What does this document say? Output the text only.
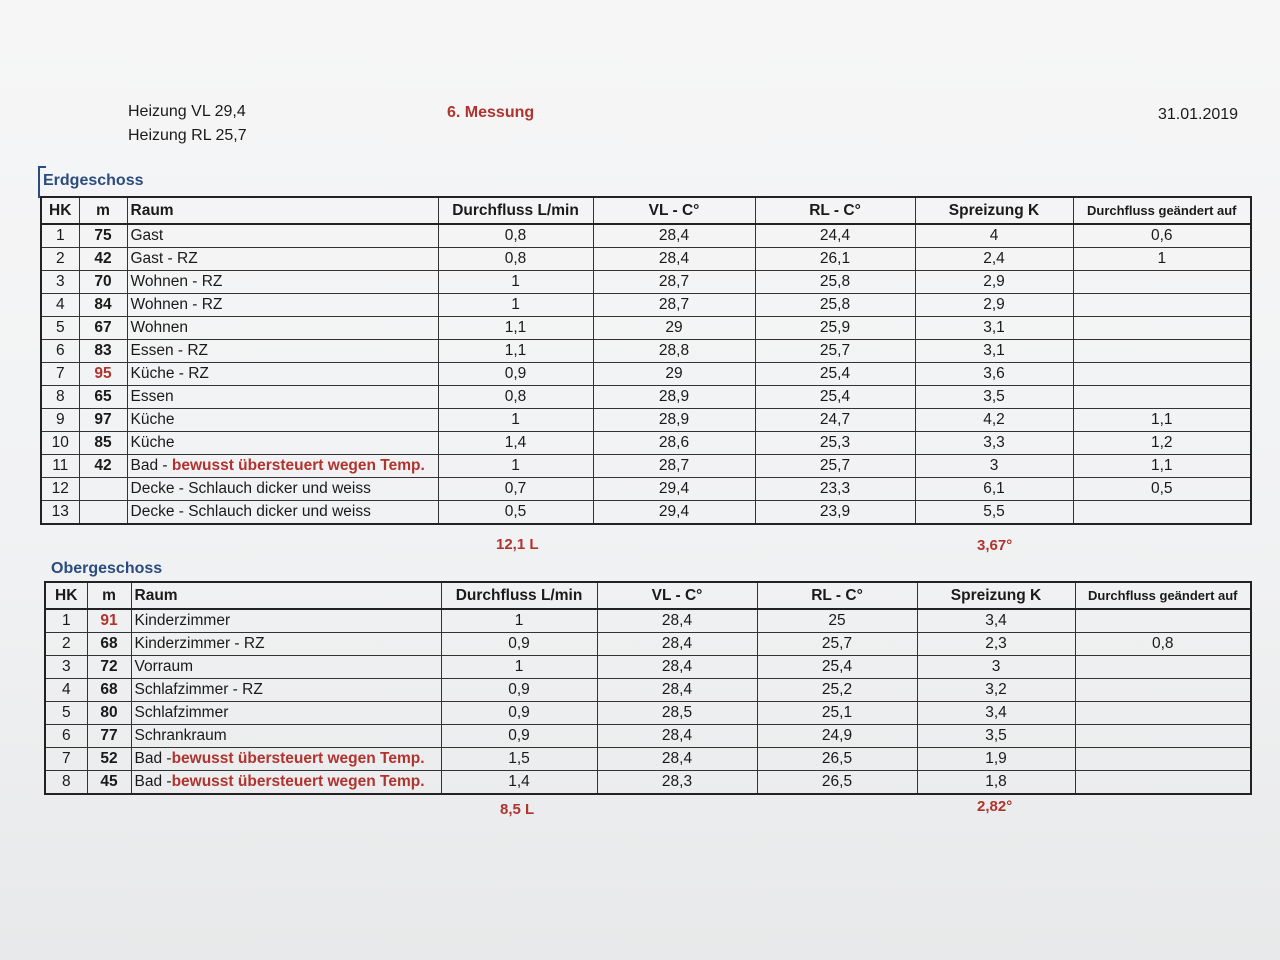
Heizung VL 29,4
Heizung RL 25,7
6. Messung	31.01.2019
Erdgeschoss
HK	m	Raum	Durchfluss L/min	VL - C°	RL - C°	Spreizung K	Durchfluss geändert auf
1	75	Gast	0,8	28,4	24,4	4	0,6
2	42	Gast - RZ	0,8	28,4	26,1	2,4	1
3	70	Wohnen - RZ	1	28,7	25,8	2,9	
4	84	Wohnen - RZ	1	28,7	25,8	2,9	
5	67	Wohnen	1,1	29	25,9	3,1	
6	83	Essen - RZ	1,1	28,8	25,7	3,1	
7	95	Küche - RZ	0,9	29	25,4	3,6	
8	65	Essen	0,8	28,9	25,4	3,5	
9	97	Küche	1	28,9	24,7	4,2	1,1
10	85	Küche	1,4	28,6	25,3	3,3	1,2
11	42	Bad - bewusst übersteuert wegen Temp.	1	28,7	25,7	3	1,1
12		Decke - Schlauch dicker und weiss	0,7	29,4	23,3	6,1	0,5
13		Decke - Schlauch dicker und weiss	0,5	29,4	23,9	5,5	
12,1 L	3,67°
Obergeschoss
HK	m	Raum	Durchfluss L/min	VL - C°	RL - C°	Spreizung K	Durchfluss geändert auf
1	91	Kinderzimmer	1	28,4	25	3,4	
2	68	Kinderzimmer - RZ	0,9	28,4	25,7	2,3	0,8
3	72	Vorraum	1	28,4	25,4	3	
4	68	Schlafzimmer - RZ	0,9	28,4	25,2	3,2	
5	80	Schlafzimmer	0,9	28,5	25,1	3,4	
6	77	Schrankraum	0,9	28,4	24,9	3,5	
7	52	Bad -bewusst übersteuert wegen Temp.	1,5	28,4	26,5	1,9	
8	45	Bad -bewusst übersteuert wegen Temp.	1,4	28,3	26,5	1,8	
8,5 L	2,82°
